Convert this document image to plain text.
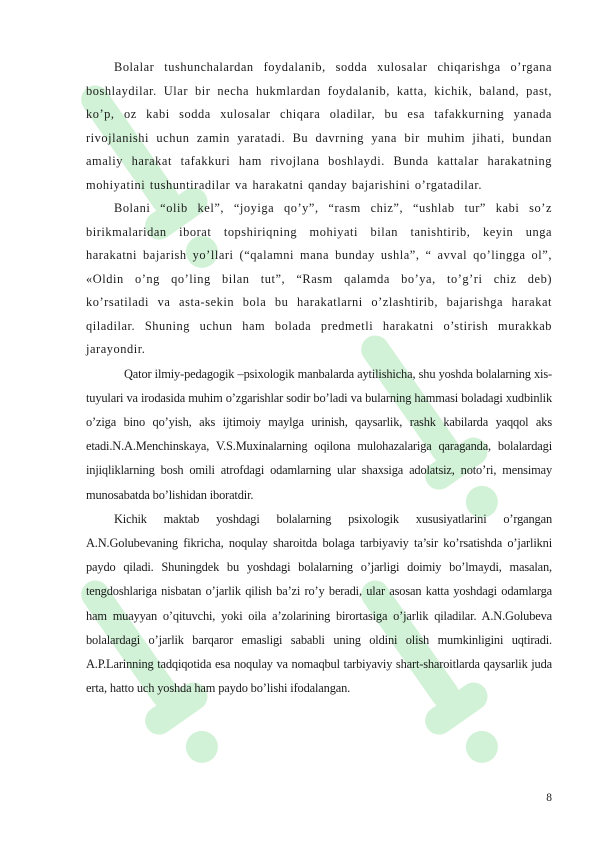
Bolalar tushunchalardan foydalanib, sodda xulosalar chiqarishga o’rgana boshlaydilar. Ular bir necha hukmlardan foydalanib, katta, kichik, baland, past, ko’p, oz kabi sodda xulosalar chiqara oladilar, bu esa tafakkurning yanada rivojlanishi uchun zamin yaratadi. Bu davrning yana bir muhim jihati, bundan amaliy harakat tafakkuri ham rivojlana boshlaydi. Bunda kattalar harakatning mohiyatini tushuntiradilar va harakatni qanday bajarishini o’rgatadilar.

Bolani “olib kel”, “joyiga qo’y”, “rasm chiz”, “ushlab tur” kabi so’z birikmalaridan iborat topshiriqning mohiyati bilan tanishtirib, keyin unga harakatni bajarish yo’llari (“qalamni mana bunday ushla”, “ avval qo’lingga ol”, «Oldin o’ng qo’ling bilan tut”, “Rasm qalamda bo’ya, to’g’ri chiz deb) ko’rsatiladi va asta-sekin bola bu harakatlarni o’zlashtirib, bajarishga harakat qiladilar. Shuning uchun ham bolada predmetli harakatni o’stirish murakkab jarayondir.

Qator ilmiy-pedagogik –psixologik manbalarda aytilishicha, shu yoshda bolalarning xis-tuyulari va irodasida muhim o’zgarishlar sodir bo’ladi va bularning hammasi boladagi xudbinlik o’ziga bino qo’yish, aks ijtimoiy maylga urinish, qaysarlik, rashk kabilarda yaqqol aks etadi.N.A.Menchinskaya, V.S.Muxinalarning oqilona mulohazalariga qaraganda, bolalardagi injiqliklarning bosh omili atrofdagi odamlarning ular shaxsiga adolatsiz, noto’ri, mensimay munosabatda bo’lishidan iboratdir.

Kichik maktab yoshdagi bolalarning psixologik xususiyatlarini o’rgangan A.N.Golubevaning fikricha, noqulay sharoitda bolaga tarbiyaviy ta’sir ko’rsatishda o’jarlikni paydo qiladi. Shuningdek bu yoshdagi bolalarning o’jarligi doimiy bo’lmaydi, masalan, tengdoshlariga nisbatan o’jarlik qilish ba’zi ro’y beradi, ular asosan katta yoshdagi odamlarga ham muayyan o’qituvchi, yoki oila a’zolarining birortasiga o’jarlik qiladilar. A.N.Golubeva bolalardagi o’jarlik barqaror emasligi sababli uning oldini olish mumkinligini uqtiradi. A.P.Larinning tadqiqotida esa noqulay va nomaqbul tarbiyaviy shart-sharoitlarda qaysarlik juda erta, hatto uch yoshda ham paydo bo’lishi ifodalangan.

8
